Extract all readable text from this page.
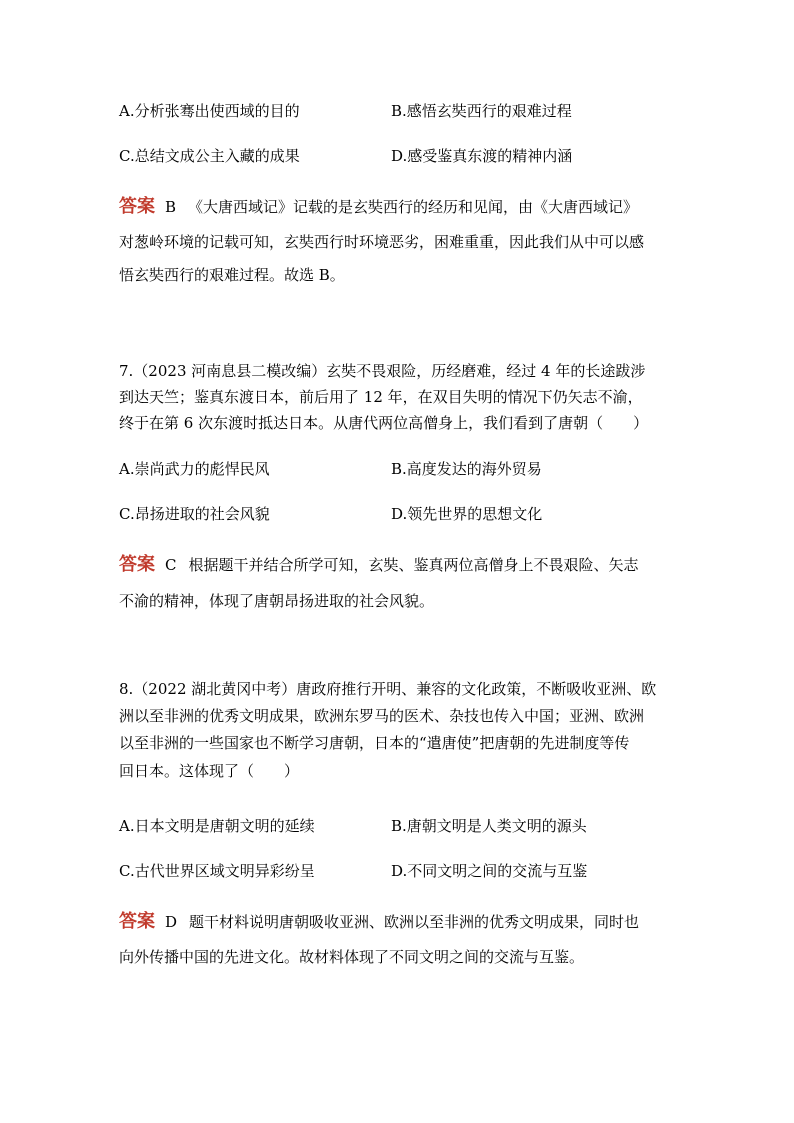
A.分析张骞出使西域的目的	B.感悟玄奘西行的艰难过程
C.总结文成公主入藏的成果	D.感受鉴真东渡的精神内涵
答案 B 《大唐西域记》记载的是玄奘西行的经历和见闻，由《大唐西域记》
对葱岭环境的记载可知，玄奘西行时环境恶劣，困难重重，因此我们从中可以感
悟玄奘西行的艰难过程。故选 B。
7.（2023 河南息县二模改编）玄奘不畏艰险，历经磨难，经过 4 年的长途跋涉
到达天竺；鉴真东渡日本，前后用了 12 年，在双目失明的情况下仍矢志不渝，
终于在第 6 次东渡时抵达日本。从唐代两位高僧身上，我们看到了唐朝（　　）
A.崇尚武力的彪悍民风	B.高度发达的海外贸易
C.昂扬进取的社会风貌	D.领先世界的思想文化
答案 C 根据题干并结合所学可知，玄奘、鉴真两位高僧身上不畏艰险、矢志
不渝的精神，体现了唐朝昂扬进取的社会风貌。
8.（2022 湖北黄冈中考）唐政府推行开明、兼容的文化政策，不断吸收亚洲、欧
洲以至非洲的优秀文明成果，欧洲东罗马的医术、杂技也传入中国；亚洲、欧洲
以至非洲的一些国家也不断学习唐朝，日本的“遣唐使”把唐朝的先进制度等传
回日本。这体现了（　　）
A.日本文明是唐朝文明的延续	B.唐朝文明是人类文明的源头
C.古代世界区域文明异彩纷呈	D.不同文明之间的交流与互鉴
答案 D 题干材料说明唐朝吸收亚洲、欧洲以至非洲的优秀文明成果，同时也
向外传播中国的先进文化。故材料体现了不同文明之间的交流与互鉴。
